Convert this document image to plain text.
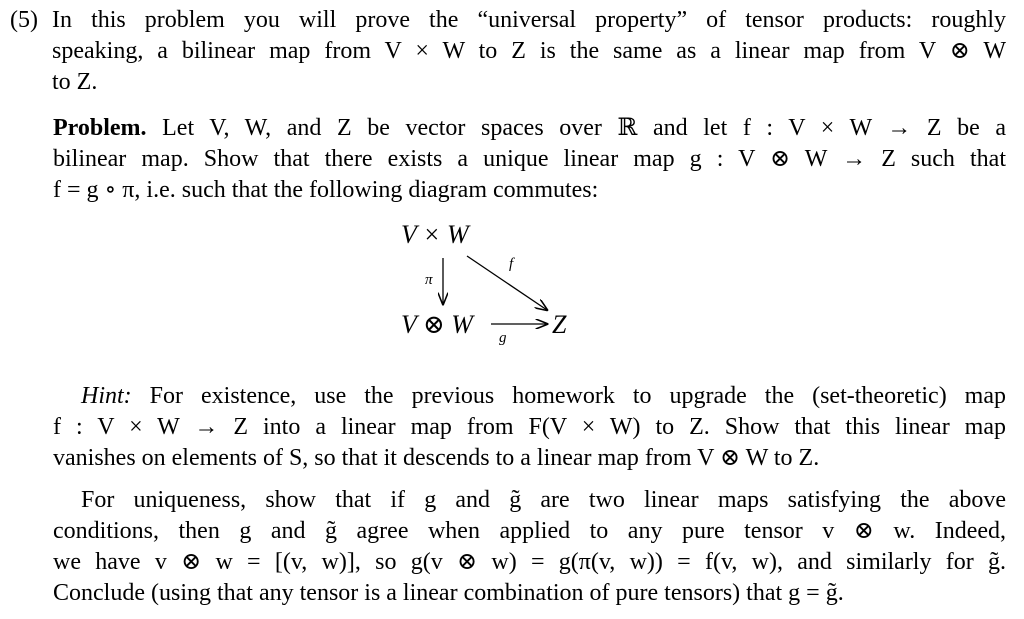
(5) In this problem you will prove the “universal property” of tensor products: roughly
speaking, a bilinear map from V × W to Z is the same as a linear map from V ⊗ W
to Z.
Problem. Let V, W, and Z be vector spaces over ℝ and let f : V × W → Z be a
bilinear map. Show that there exists a unique linear map g : V ⊗ W → Z such that
f = g ∘ π, i.e. such that the following diagram commutes:
V × W
V ⊗ W	Z
π
f
g
Hint: For existence, use the previous homework to upgrade the (set-theoretic) map
f : V × W → Z into a linear map from F(V × W) to Z. Show that this linear map
vanishes on elements of S, so that it descends to a linear map from V ⊗ W to Z.
For uniqueness, show that if g and g̃ are two linear maps satisfying the above
conditions, then g and g̃ agree when applied to any pure tensor v ⊗ w. Indeed,
we have v ⊗ w = [(v, w)], so g(v ⊗ w) = g(π(v, w)) = f(v, w), and similarly for g̃.
Conclude (using that any tensor is a linear combination of pure tensors) that g = g̃.
